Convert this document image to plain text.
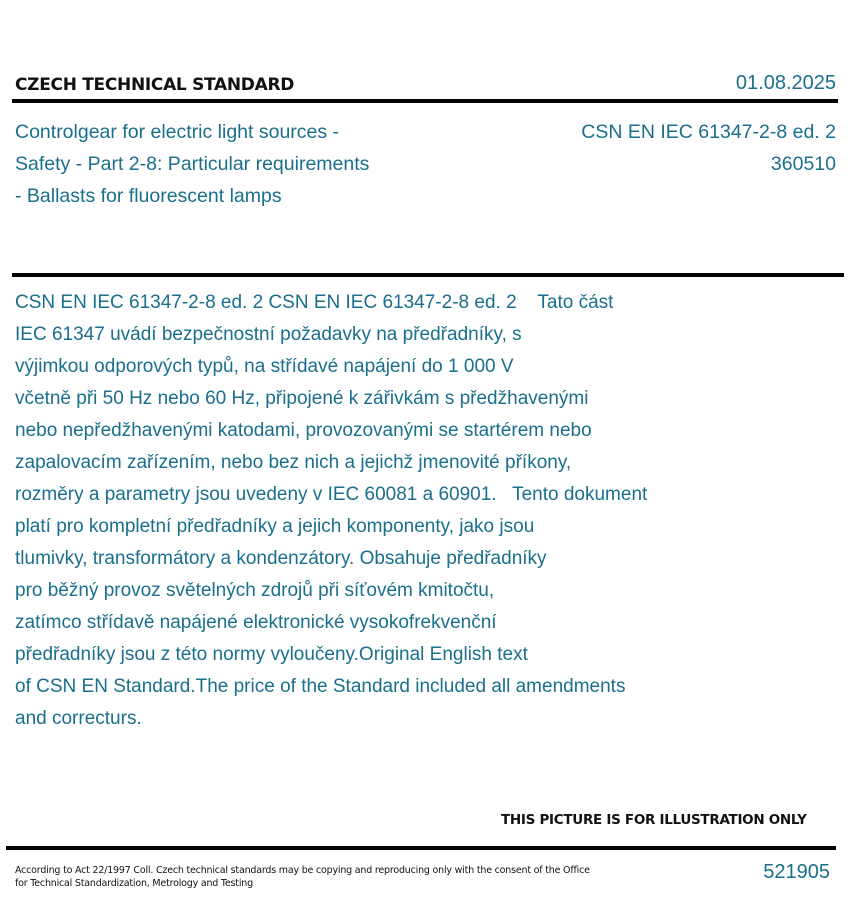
CZECH TECHNICAL STANDARD	01.08.2025
Controlgear for electric light sources -
Safety - Part 2-8: Particular requirements
- Ballasts for fluorescent lamps
CSN EN IEC 61347-2-8 ed. 2
360510
CSN EN IEC 61347-2-8 ed. 2 CSN EN IEC 61347-2-8 ed. 2    Tato část
IEC 61347 uvádí bezpečnostní požadavky na předřadníky, s
výjimkou odporových typů, na střídavé napájení do 1 000 V
včetně při 50 Hz nebo 60 Hz, připojené k zářivkám s předžhavenými
nebo nepředžhavenými katodami, provozovanými se startérem nebo
zapalovacím zařízením, nebo bez nich a jejichž jmenovité příkony,
rozměry a parametry jsou uvedeny v IEC 60081 a 60901.   Tento dokument
platí pro kompletní předřadníky a jejich komponenty, jako jsou
tlumivky, transformátory a kondenzátory. Obsahuje předřadníky
pro běžný provoz světelných zdrojů při síťovém kmitočtu,
zatímco střídavě napájené elektronické vysokofrekvenční
předřadníky jsou z této normy vyloučeny.Original English text
of CSN EN Standard.The price of the Standard included all amendments
and correcturs.
THIS PICTURE IS FOR ILLUSTRATION ONLY
According to Act 22/1997 Coll. Czech technical standards may be copying and reproducing only with the consent of the Office
for Technical Standardization, Metrology and Testing
521905
